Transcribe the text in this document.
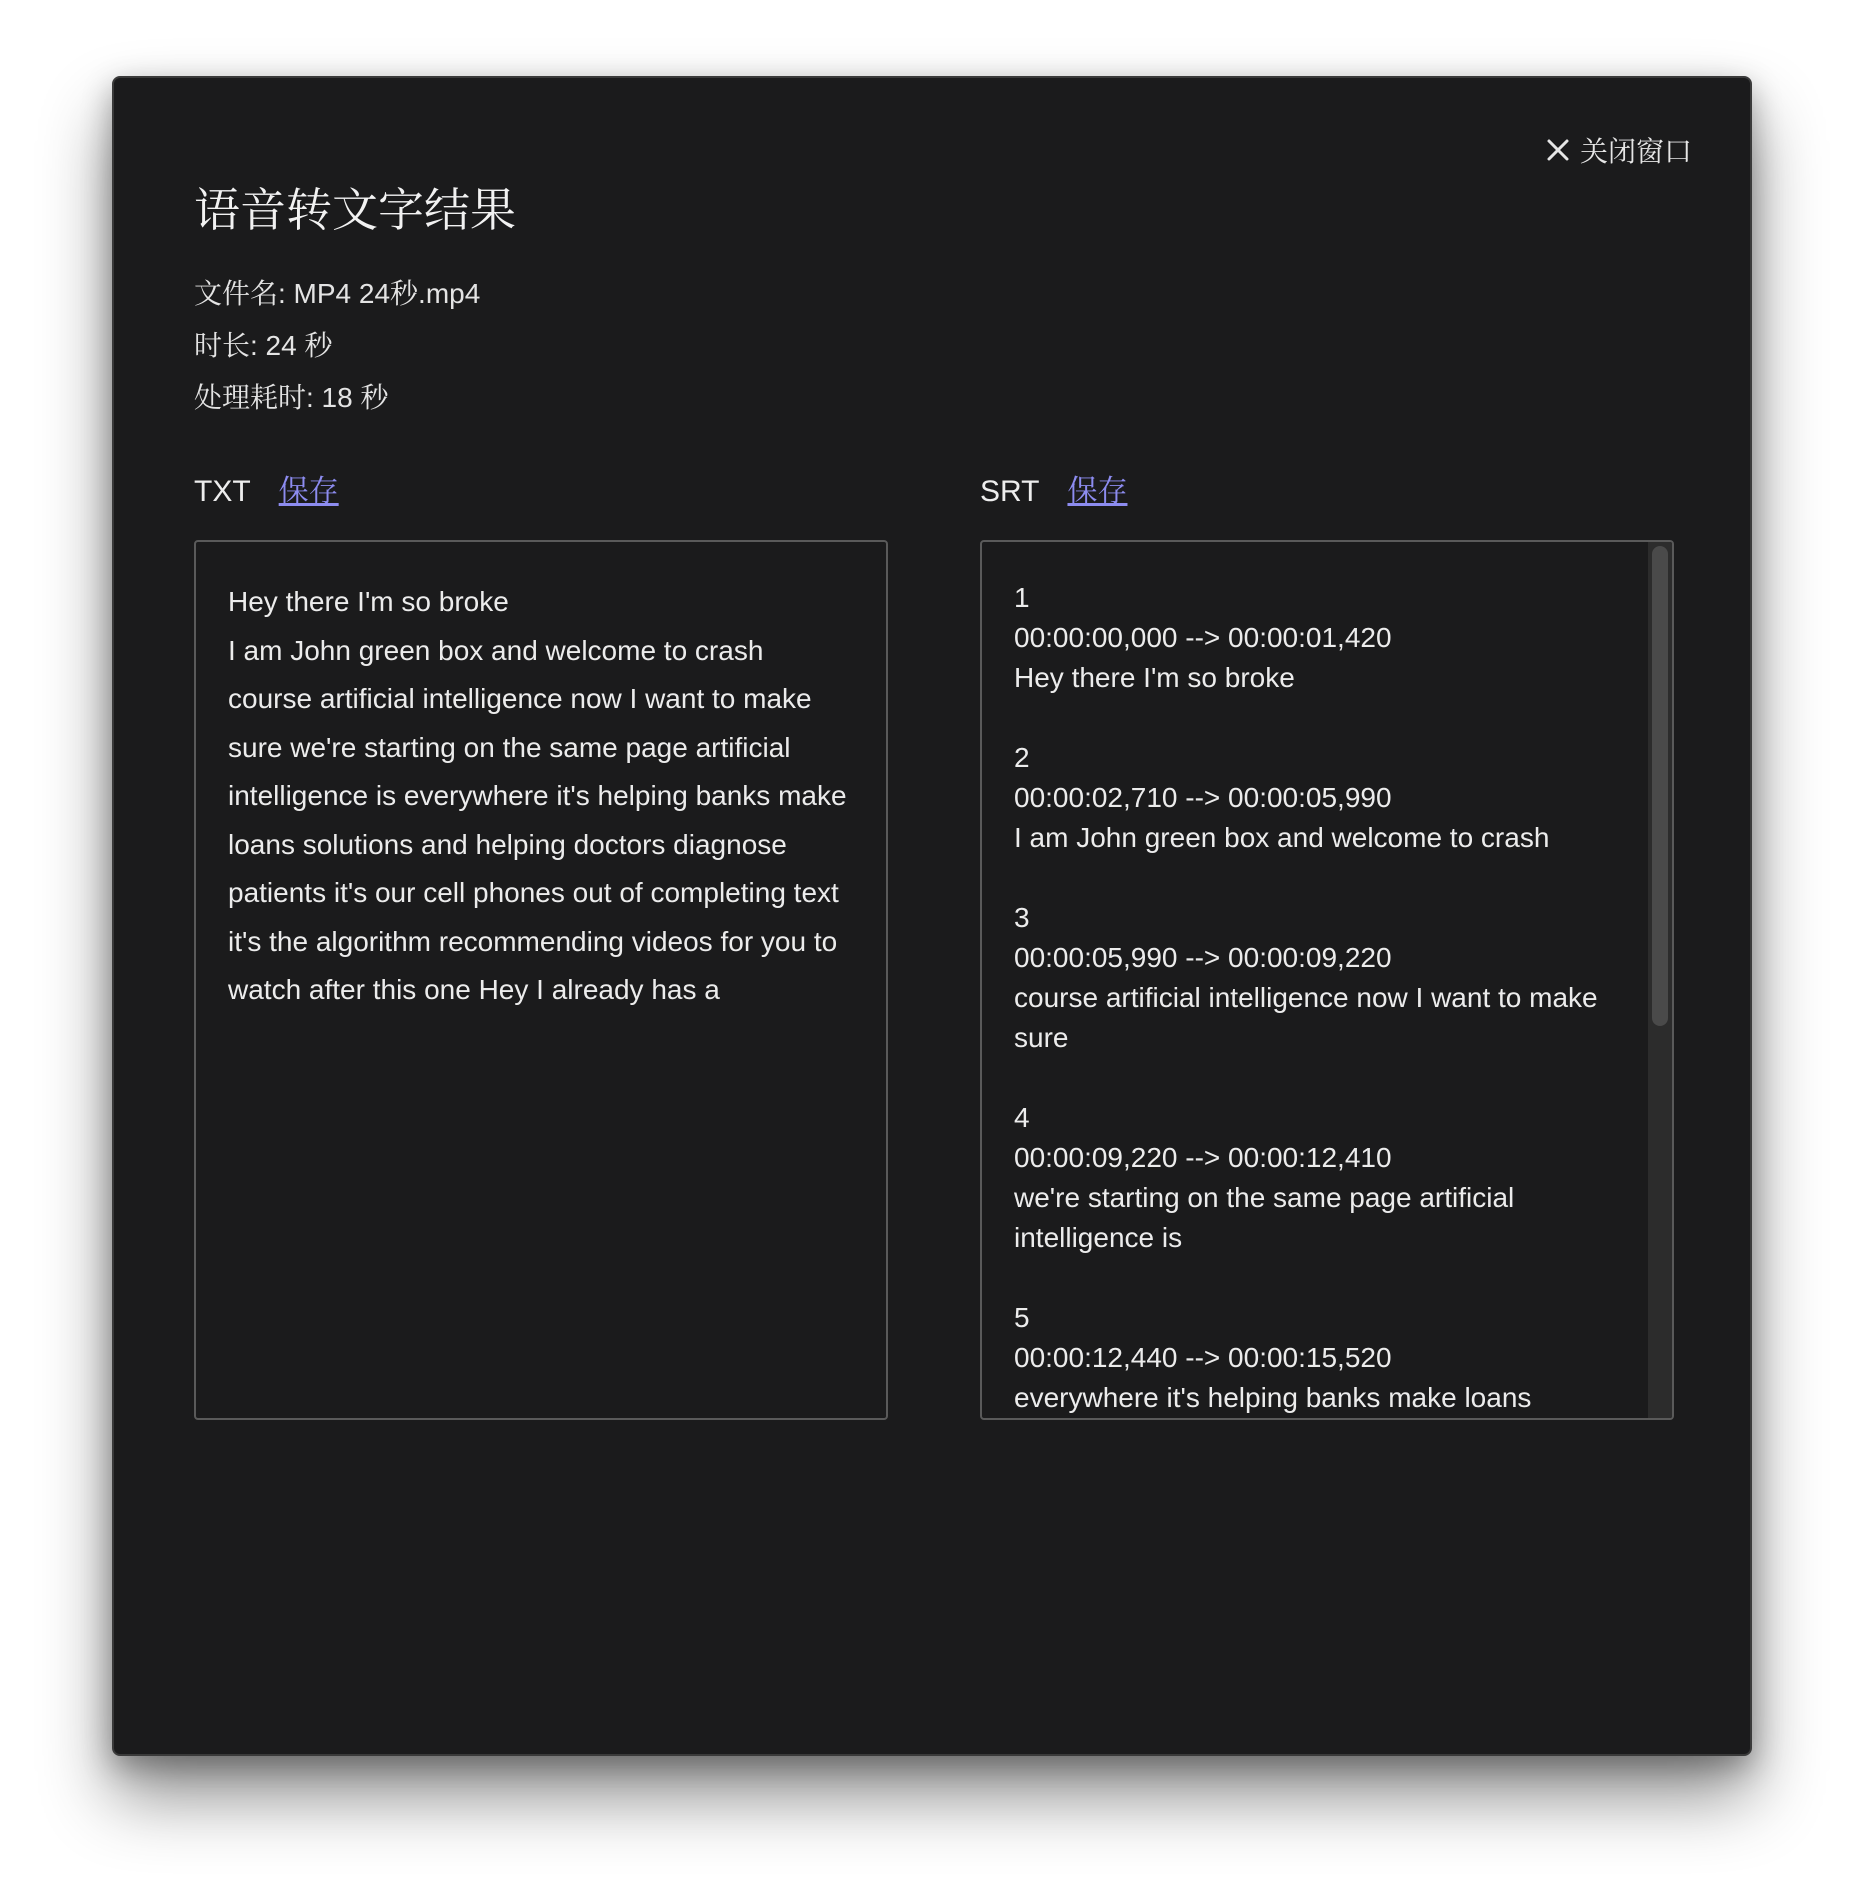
关闭窗口
语音转文字结果
文件名: MP4 24秒.mp4
时长: 24 秒
处理耗时: 18 秒
TXT 保存	SRT 保存
Hey there I'm so broke
I am John green box and welcome to crash course artificial intelligence now I want to make sure we're starting on the same page artificial intelligence is everywhere it's helping banks make loans solutions and helping doctors diagnose patients it's our cell phones out of completing text it's the algorithm recommending videos for you to watch after this one Hey I already has a
1
00:00:00,000 --> 00:00:01,420
Hey there I'm so broke
2
00:00:02,710 --> 00:00:05,990
I am John green box and welcome to crash
3
00:00:05,990 --> 00:00:09,220
course artificial intelligence now I want to make sure
4
00:00:09,220 --> 00:00:12,410
we're starting on the same page artificial intelligence is
5
00:00:12,440 --> 00:00:15,520
everywhere it's helping banks make loans
